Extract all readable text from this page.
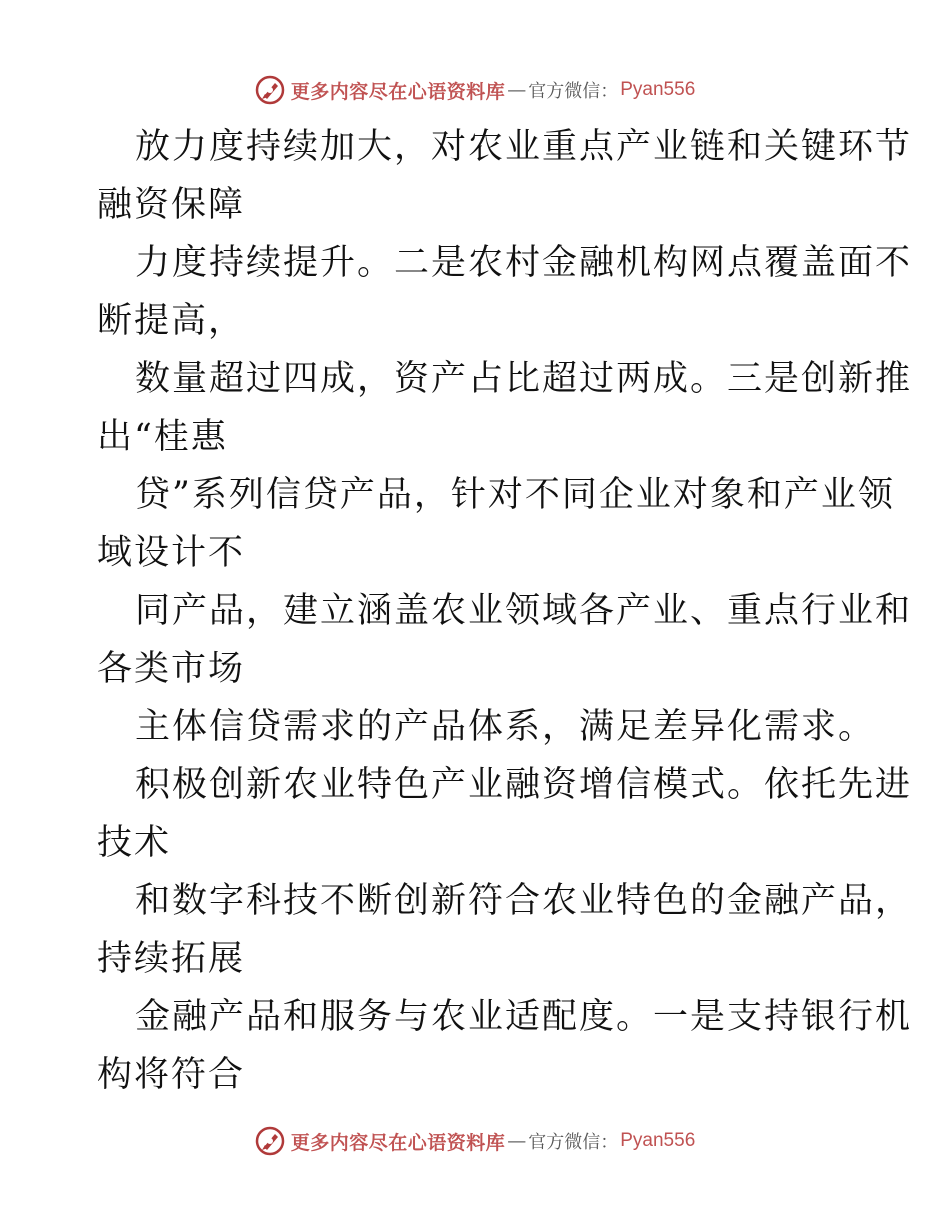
更多内容尽在心语资料库 — 官方微信： Pyan556

放力度持续加大，对农业重点产业链和关键环节
融资保障

力度持续提升。二是农村金融机构网点覆盖面不
断提高，

数量超过四成，资产占比超过两成。三是创新推
出“桂惠

贷”系列信贷产品，针对不同企业对象和产业领
域设计不

同产品，建立涵盖农业领域各产业、重点行业和
各类市场

主体信贷需求的产品体系，满足差异化需求。

积极创新农业特色产业融资增信模式。依托先进
技术

和数字科技不断创新符合农业特色的金融产品，
持续拓展

金融产品和服务与农业适配度。一是支持银行机
构将符合

更多内容尽在心语资料库 — 官方微信： Pyan556
